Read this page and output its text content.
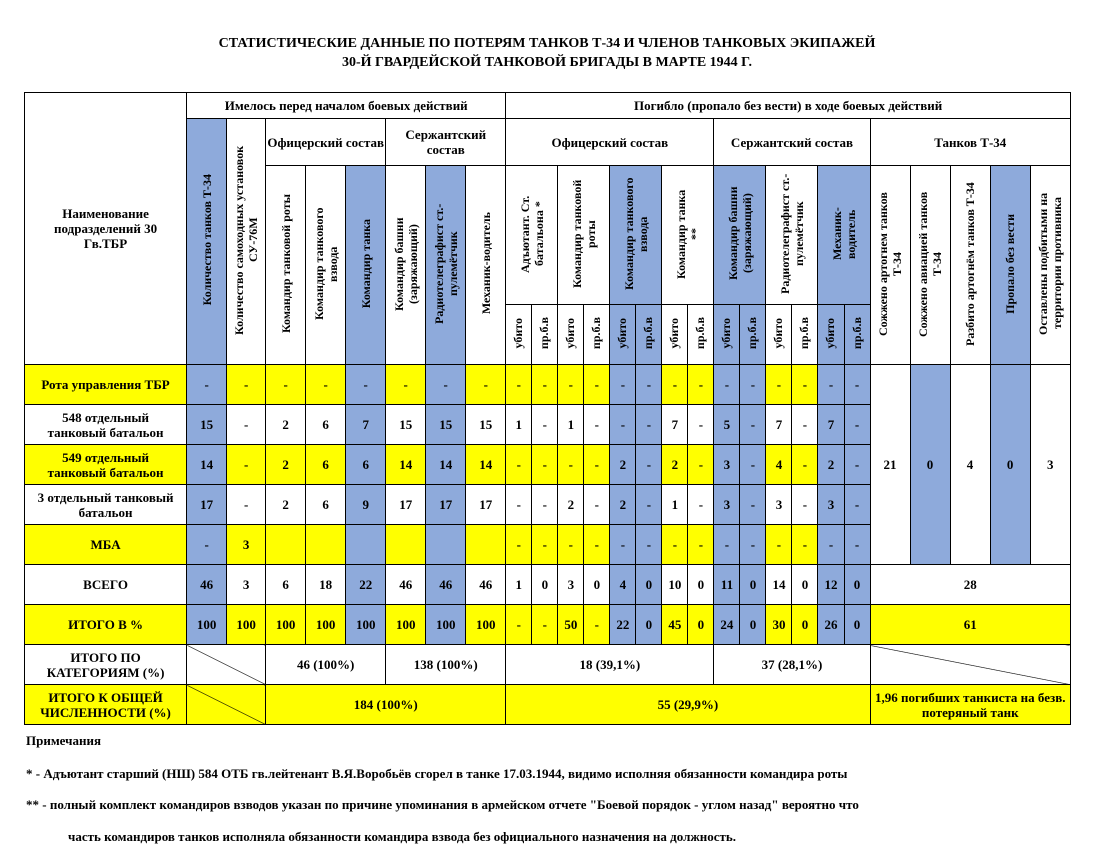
СТАТИСТИЧЕСКИЕ ДАННЫЕ ПО ПОТЕРЯМ ТАНКОВ Т-34 И ЧЛЕНОВ ТАНКОВЫХ ЭКИПАЖЕЙ
30-Й ГВАРДЕЙСКОЙ ТАНКОВОЙ БРИГАДЫ В МАРТЕ 1944 Г.
Наименование подразделений 30 Гв.ТБР	Имелось перед началом боевых действий								Погибло (пропало без вести) в ходе боевых действий																		
	Количество танков Т-34	Количество самоходных установок СУ-76М	Офицерский состав			Сержантский состав			Офицерский состав								Сержантский состав						Танков Т-34				
			Командир танковой роты	Командир танкового взвода	Командир танка	Командир башни (заряжающий)	Радиотелеграфист ст.-пулемётчик	Механик-водитель	Адъютант. Ст. батальона *		Командир танковой роты		Командир танкового взвода		Командир танка **		Командир башни (заряжающий)		Радиотелеграфист ст.-пулемётчик		Механик-водитель		Сожжено артогнем танков Т-34	Сожжено авиацией танков Т-34	Разбито артогнём танков Т-34	Пропало без вести	Оставлены подбитыми на территории противника
									убито	пр.б.в	убито	пр.б.в	убито	пр.б.в	убито	пр.б.в	убито	пр.б.в	убито	пр.б.в	убито	пр.б.в					
Рота управления ТБР	-	-	-	-	-	-	-	-	-	-	-	-	-	-	-	-	-	-	-	-	-	-	21	0	4	0	3
548 отдельный танковый батальон	15	-	2	6	7	15	15	15	1	-	1	-	-	-	7	-	5	-	7	-	7	-					
549 отдельный танковый батальон	14	-	2	6	6	14	14	14	-	-	-	-	2	-	2	-	3	-	4	-	2	-					
3 отдельный танковый батальон	17	-	2	6	9	17	17	17	-	-	2	-	2	-	1	-	3	-	3	-	3	-					
МБА	-	3							-	-	-	-	-	-	-	-	-	-	-	-	-	-					
ВСЕГО	46	3	6	18	22	46	46	46	1	0	3	0	4	0	10	0	11	0	14	0	12	0	28				
ИТОГО В %	100	100	100	100	100	100	100	100	-	-	50	-	22	0	45	0	24	0	30	0	26	0	61				
ИТОГО ПО КАТЕГОРИЯМ (%)			46 (100%)			138 (100%)			18 (39,1%)								37 (28,1%)										
ИТОГО К ОБЩЕЙ ЧИСЛЕННОСТИ (%)			184 (100%)						55 (29,9%)														1,96 погибших танкиста на безв. потеряный танк				
Примечания
* - Адъютант старший (НШ) 584 ОТБ гв.лейтенант В.Я.Воробьёв сгорел в танке 17.03.1944, видимо исполняя обязанности командира роты
** - полный комплект командиров взводов указан по причине упоминания в армейском отчете "Боевой порядок - углом назад" вероятно что
часть командиров танков исполняла обязанности командира взвода без официального назначения на должность.
